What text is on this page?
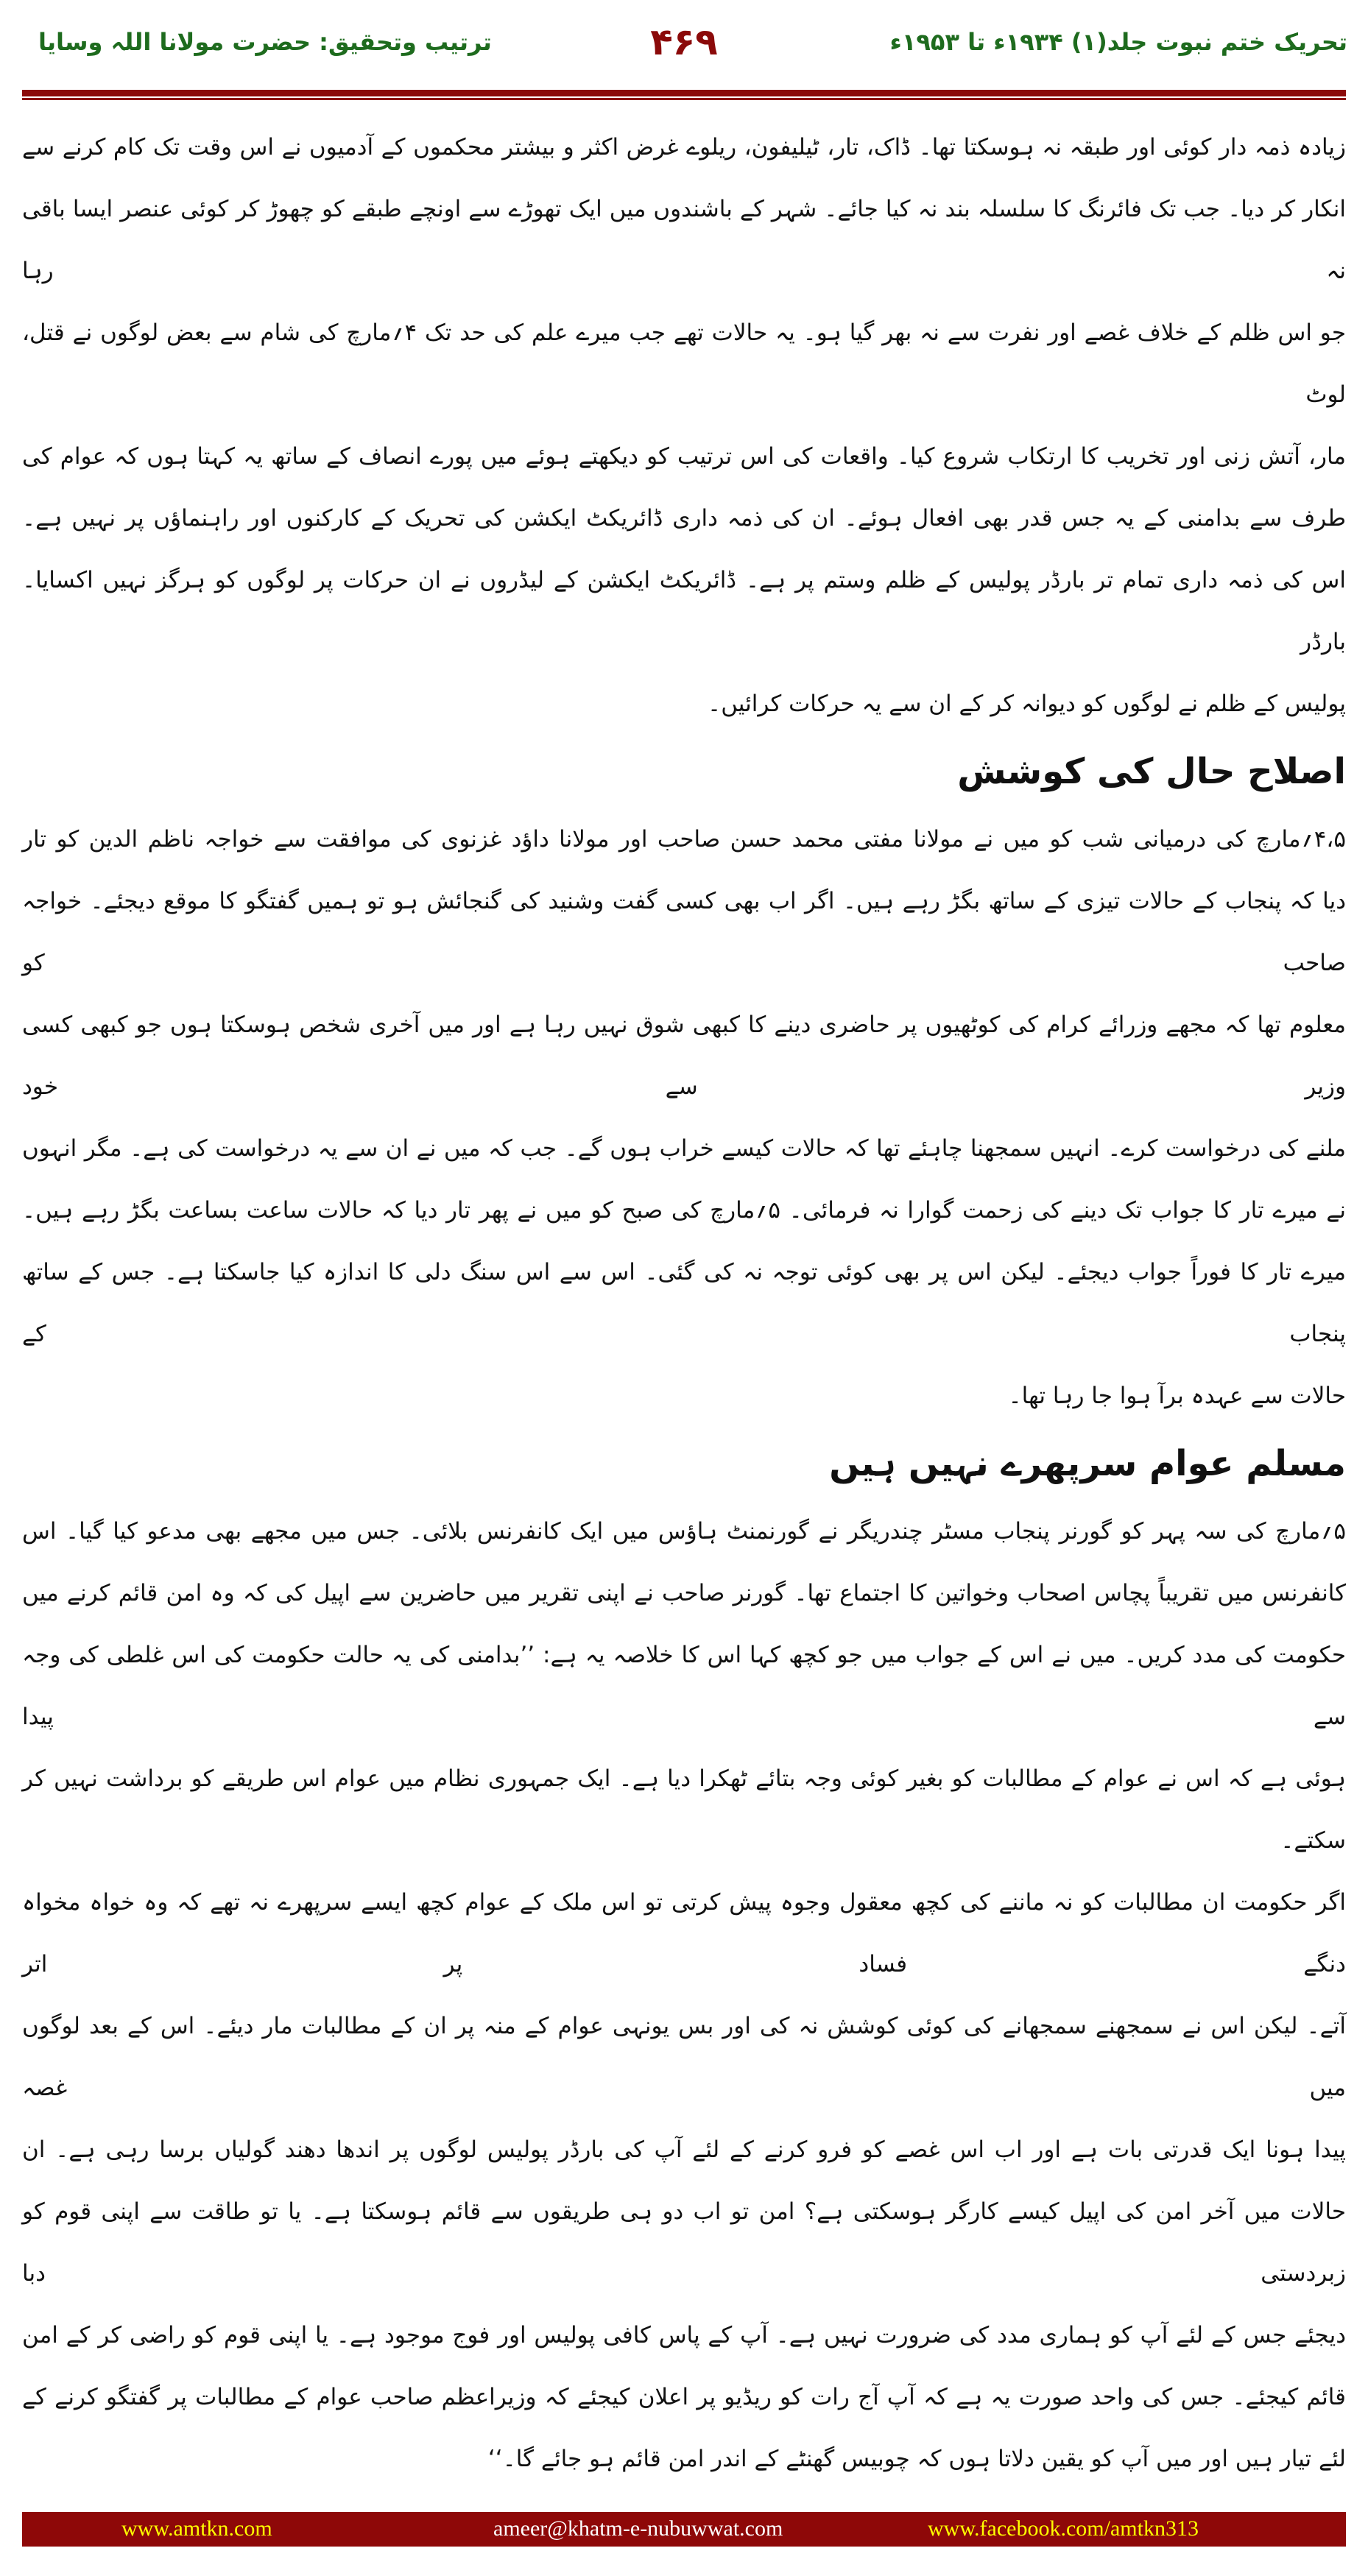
تحریک ختم نبوت جلد(۱) ۱۹۳۴ء تا ۱۹۵۳ء
۴۶۹
ترتیب وتحقیق: حضرت مولانا اللہ وسایا
زیادہ ذمہ دار کوئی اور طبقہ نہ ہوسکتا تھا۔ ڈاک، تار، ٹیلیفون، ریلوے غرض اکثر و بیشتر محکموں کے آدمیوں نے اس وقت تک کام کرنے سے
انکار کر دیا۔ جب تک فائرنگ کا سلسلہ بند نہ کیا جائے۔ شہر کے باشندوں میں ایک تھوڑے سے اونچے طبقے کو چھوڑ کر کوئی عنصر ایسا باقی نہ رہا
جو اس ظلم کے خلاف غصے اور نفرت سے نہ بھر گیا ہو۔ یہ حالات تھے جب میرے علم کی حد تک ۴؍مارچ کی شام سے بعض لوگوں نے قتل، لوٹ
مار، آتش زنی اور تخریب کا ارتکاب شروع کیا۔ واقعات کی اس ترتیب کو دیکھتے ہوئے میں پورے انصاف کے ساتھ یہ کہتا ہوں کہ عوام کی
طرف سے بدامنی کے یہ جس قدر بھی افعال ہوئے۔ ان کی ذمہ داری ڈائریکٹ ایکشن کی تحریک کے کارکنوں اور راہنماؤں پر نہیں ہے۔
اس کی ذمہ داری تمام تر بارڈر پولیس کے ظلم وستم پر ہے۔ ڈائریکٹ ایکشن کے لیڈروں نے ان حرکات پر لوگوں کو ہرگز نہیں اکسایا۔ بارڈر
پولیس کے ظلم نے لوگوں کو دیوانہ کر کے ان سے یہ حرکات کرائیں۔
اصلاح حال کی کوشش
۴،۵؍مارچ کی درمیانی شب کو میں نے مولانا مفتی محمد حسن صاحب اور مولانا داؤد غزنوی کی موافقت سے خواجہ ناظم الدین کو تار
دیا کہ پنجاب کے حالات تیزی کے ساتھ بگڑ رہے ہیں۔ اگر اب بھی کسی گفت وشنید کی گنجائش ہو تو ہمیں گفتگو کا موقع دیجئے۔ خواجہ صاحب کو
معلوم تھا کہ مجھے وزرائے کرام کی کوٹھیوں پر حاضری دینے کا کبھی شوق نہیں رہا ہے اور میں آخری شخص ہوسکتا ہوں جو کبھی کسی وزیر سے خود
ملنے کی درخواست کرے۔ انہیں سمجھنا چاہئے تھا کہ حالات کیسے خراب ہوں گے۔ جب کہ میں نے ان سے یہ درخواست کی ہے۔ مگر انہوں
نے میرے تار کا جواب تک دینے کی زحمت گوارا نہ فرمائی۔ ۵؍مارچ کی صبح کو میں نے پھر تار دیا کہ حالات ساعت بساعت بگڑ رہے ہیں۔
میرے تار کا فوراً جواب دیجئے۔ لیکن اس پر بھی کوئی توجہ نہ کی گئی۔ اس سے اس سنگ دلی کا اندازہ کیا جاسکتا ہے۔ جس کے ساتھ پنجاب کے
حالات سے عہدہ برآ ہوا جا رہا تھا۔
مسلم عوام سرپھرے نہیں ہیں
۵؍مارچ کی سہ پہر کو گورنر پنجاب مسٹر چندریگر نے گورنمنٹ ہاؤس میں ایک کانفرنس بلائی۔ جس میں مجھے بھی مدعو کیا گیا۔ اس
کانفرنس میں تقریباً پچاس اصحاب وخواتین کا اجتماع تھا۔ گورنر صاحب نے اپنی تقریر میں حاضرین سے اپیل کی کہ وہ امن قائم کرنے میں
حکومت کی مدد کریں۔ میں نے اس کے جواب میں جو کچھ کہا اس کا خلاصہ یہ ہے: ’’بدامنی کی یہ حالت حکومت کی اس غلطی کی وجہ سے پیدا
ہوئی ہے کہ اس نے عوام کے مطالبات کو بغیر کوئی وجہ بتائے ٹھکرا دیا ہے۔ ایک جمہوری نظام میں عوام اس طریقے کو برداشت نہیں کر سکتے۔
اگر حکومت ان مطالبات کو نہ ماننے کی کچھ معقول وجوہ پیش کرتی تو اس ملک کے عوام کچھ ایسے سرپھرے نہ تھے کہ وہ خواہ مخواہ دنگے فساد پر اتر
آتے۔ لیکن اس نے سمجھنے سمجھانے کی کوئی کوشش نہ کی اور بس یونہی عوام کے منہ پر ان کے مطالبات مار دیئے۔ اس کے بعد لوگوں میں غصہ
پیدا ہونا ایک قدرتی بات ہے اور اب اس غصے کو فرو کرنے کے لئے آپ کی بارڈر پولیس لوگوں پر اندھا دھند گولیاں برسا رہی ہے۔ ان
حالات میں آخر امن کی اپیل کیسے کارگر ہوسکتی ہے؟ امن تو اب دو ہی طریقوں سے قائم ہوسکتا ہے۔ یا تو طاقت سے اپنی قوم کو زبردستی دبا
دیجئے جس کے لئے آپ کو ہماری مدد کی ضرورت نہیں ہے۔ آپ کے پاس کافی پولیس اور فوج موجود ہے۔ یا اپنی قوم کو راضی کر کے امن
قائم کیجئے۔ جس کی واحد صورت یہ ہے کہ آپ آج رات کو ریڈیو پر اعلان کیجئے کہ وزیراعظم صاحب عوام کے مطالبات پر گفتگو کرنے کے
لئے تیار ہیں اور میں آپ کو یقین دلاتا ہوں کہ چوبیس گھنٹے کے اندر امن قائم ہو جائے گا۔‘‘
www.amtkn.com	ameer@khatm-e-nubuwwat.com	www.facebook.com/amtkn313
